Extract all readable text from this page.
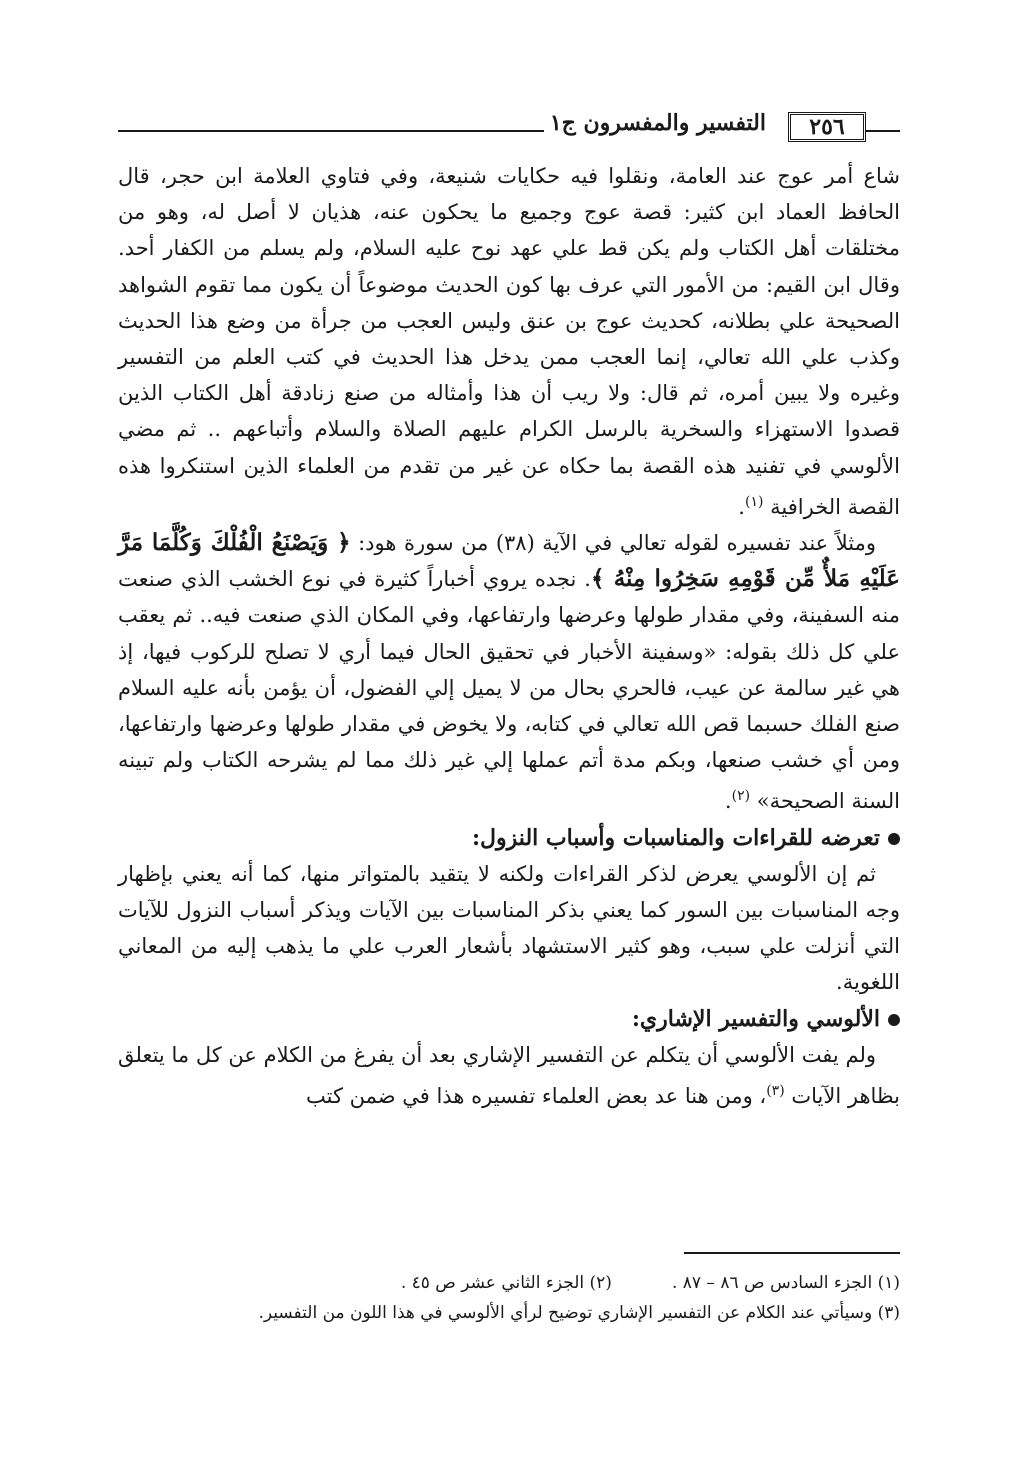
٢٥٦
التفسير والمفسرون ج١

شاع أمر عوج عند العامة، ونقلوا فيه حكايات شنيعة، وفي فتاوي العلامة ابن حجر، قال الحافظ العماد ابن كثير: قصة عوج وجميع ما يحكون عنه، هذيان لا أصل له، وهو من مختلقات أهل الكتاب ولم يكن قط علي عهد نوح عليه السلام، ولم يسلم من الكفار أحد. وقال ابن القيم: من الأمور التي عرف بها كون الحديث موضوعاً أن يكون مما تقوم الشواهد الصحيحة علي بطلانه، كحديث عوج بن عنق وليس العجب من جرأة من وضع هذا الحديث وكذب علي الله تعالي، إنما العجب ممن يدخل هذا الحديث في كتب العلم من التفسير وغيره ولا يبين أمره، ثم قال: ولا ريب أن هذا وأمثاله من صنع زنادقة أهل الكتاب الذين قصدوا الاستهزاء والسخرية بالرسل الكرام عليهم الصلاة والسلام وأتباعهم .. ثم مضي الألوسي في تفنيد هذه القصة بما حكاه عن غير من تقدم من العلماء الذين استنكروا هذه القصة الخرافية $^{(١)}$.

ومثلاً عند تفسيره لقوله تعالي في الآية (٣٨) من سورة هود: ﴿ وَيَصْنَعُ الْفُلْكَ وَكُلَّمَا مَرَّ عَلَيْهِ مَلأٌ مِّن قَوْمِهِ سَخِرُوا مِنْهُ ﴾. نجده يروي أخباراً كثيرة في نوع الخشب الذي صنعت منه السفينة، وفي مقدار طولها وعرضها وارتفاعها، وفي المكان الذي صنعت فيه.. ثم يعقب علي كل ذلك بقوله: «وسفينة الأخبار في تحقيق الحال فيما أري لا تصلح للركوب فيها، إذ هي غير سالمة عن عيب، فالحري بحال من لا يميل إلي الفضول، أن يؤمن بأنه عليه السلام صنع الفلك حسبما قص الله تعالي في كتابه، ولا يخوض في مقدار طولها وعرضها وارتفاعها، ومن أي خشب صنعها، وبكم مدة أتم عملها إلي غير ذلك مما لم يشرحه الكتاب ولم تبينه السنة الصحيحة» $^{(٢)}$.

تعرضه للقراءات والمناسبات وأسباب النزول:

ثم إن الألوسي يعرض لذكر القراءات ولكنه لا يتقيد بالمتواتر منها، كما أنه يعني بإظهار وجه المناسبات بين السور كما يعني بذكر المناسبات بين الآيات ويذكر أسباب النزول للآيات التي أنزلت علي سبب، وهو كثير الاستشهاد بأشعار العرب علي ما يذهب إليه من المعاني اللغوية.

الألوسي والتفسير الإشاري:

ولم يفت الألوسي أن يتكلم عن التفسير الإشاري بعد أن يفرغ من الكلام عن كل ما يتعلق بظاهر الآيات $^{(٣)}$، ومن هنا عد بعض العلماء تفسيره هذا في ضمن كتب

(١) الجزء السادس ص ٨٦ – ٨٧ .

(٢) الجزء الثاني عشر ص ٤٥ .

(٣) وسيأتي عند الكلام عن التفسير الإشاري توضيح لرأي الألوسي في هذا اللون من التفسير.
